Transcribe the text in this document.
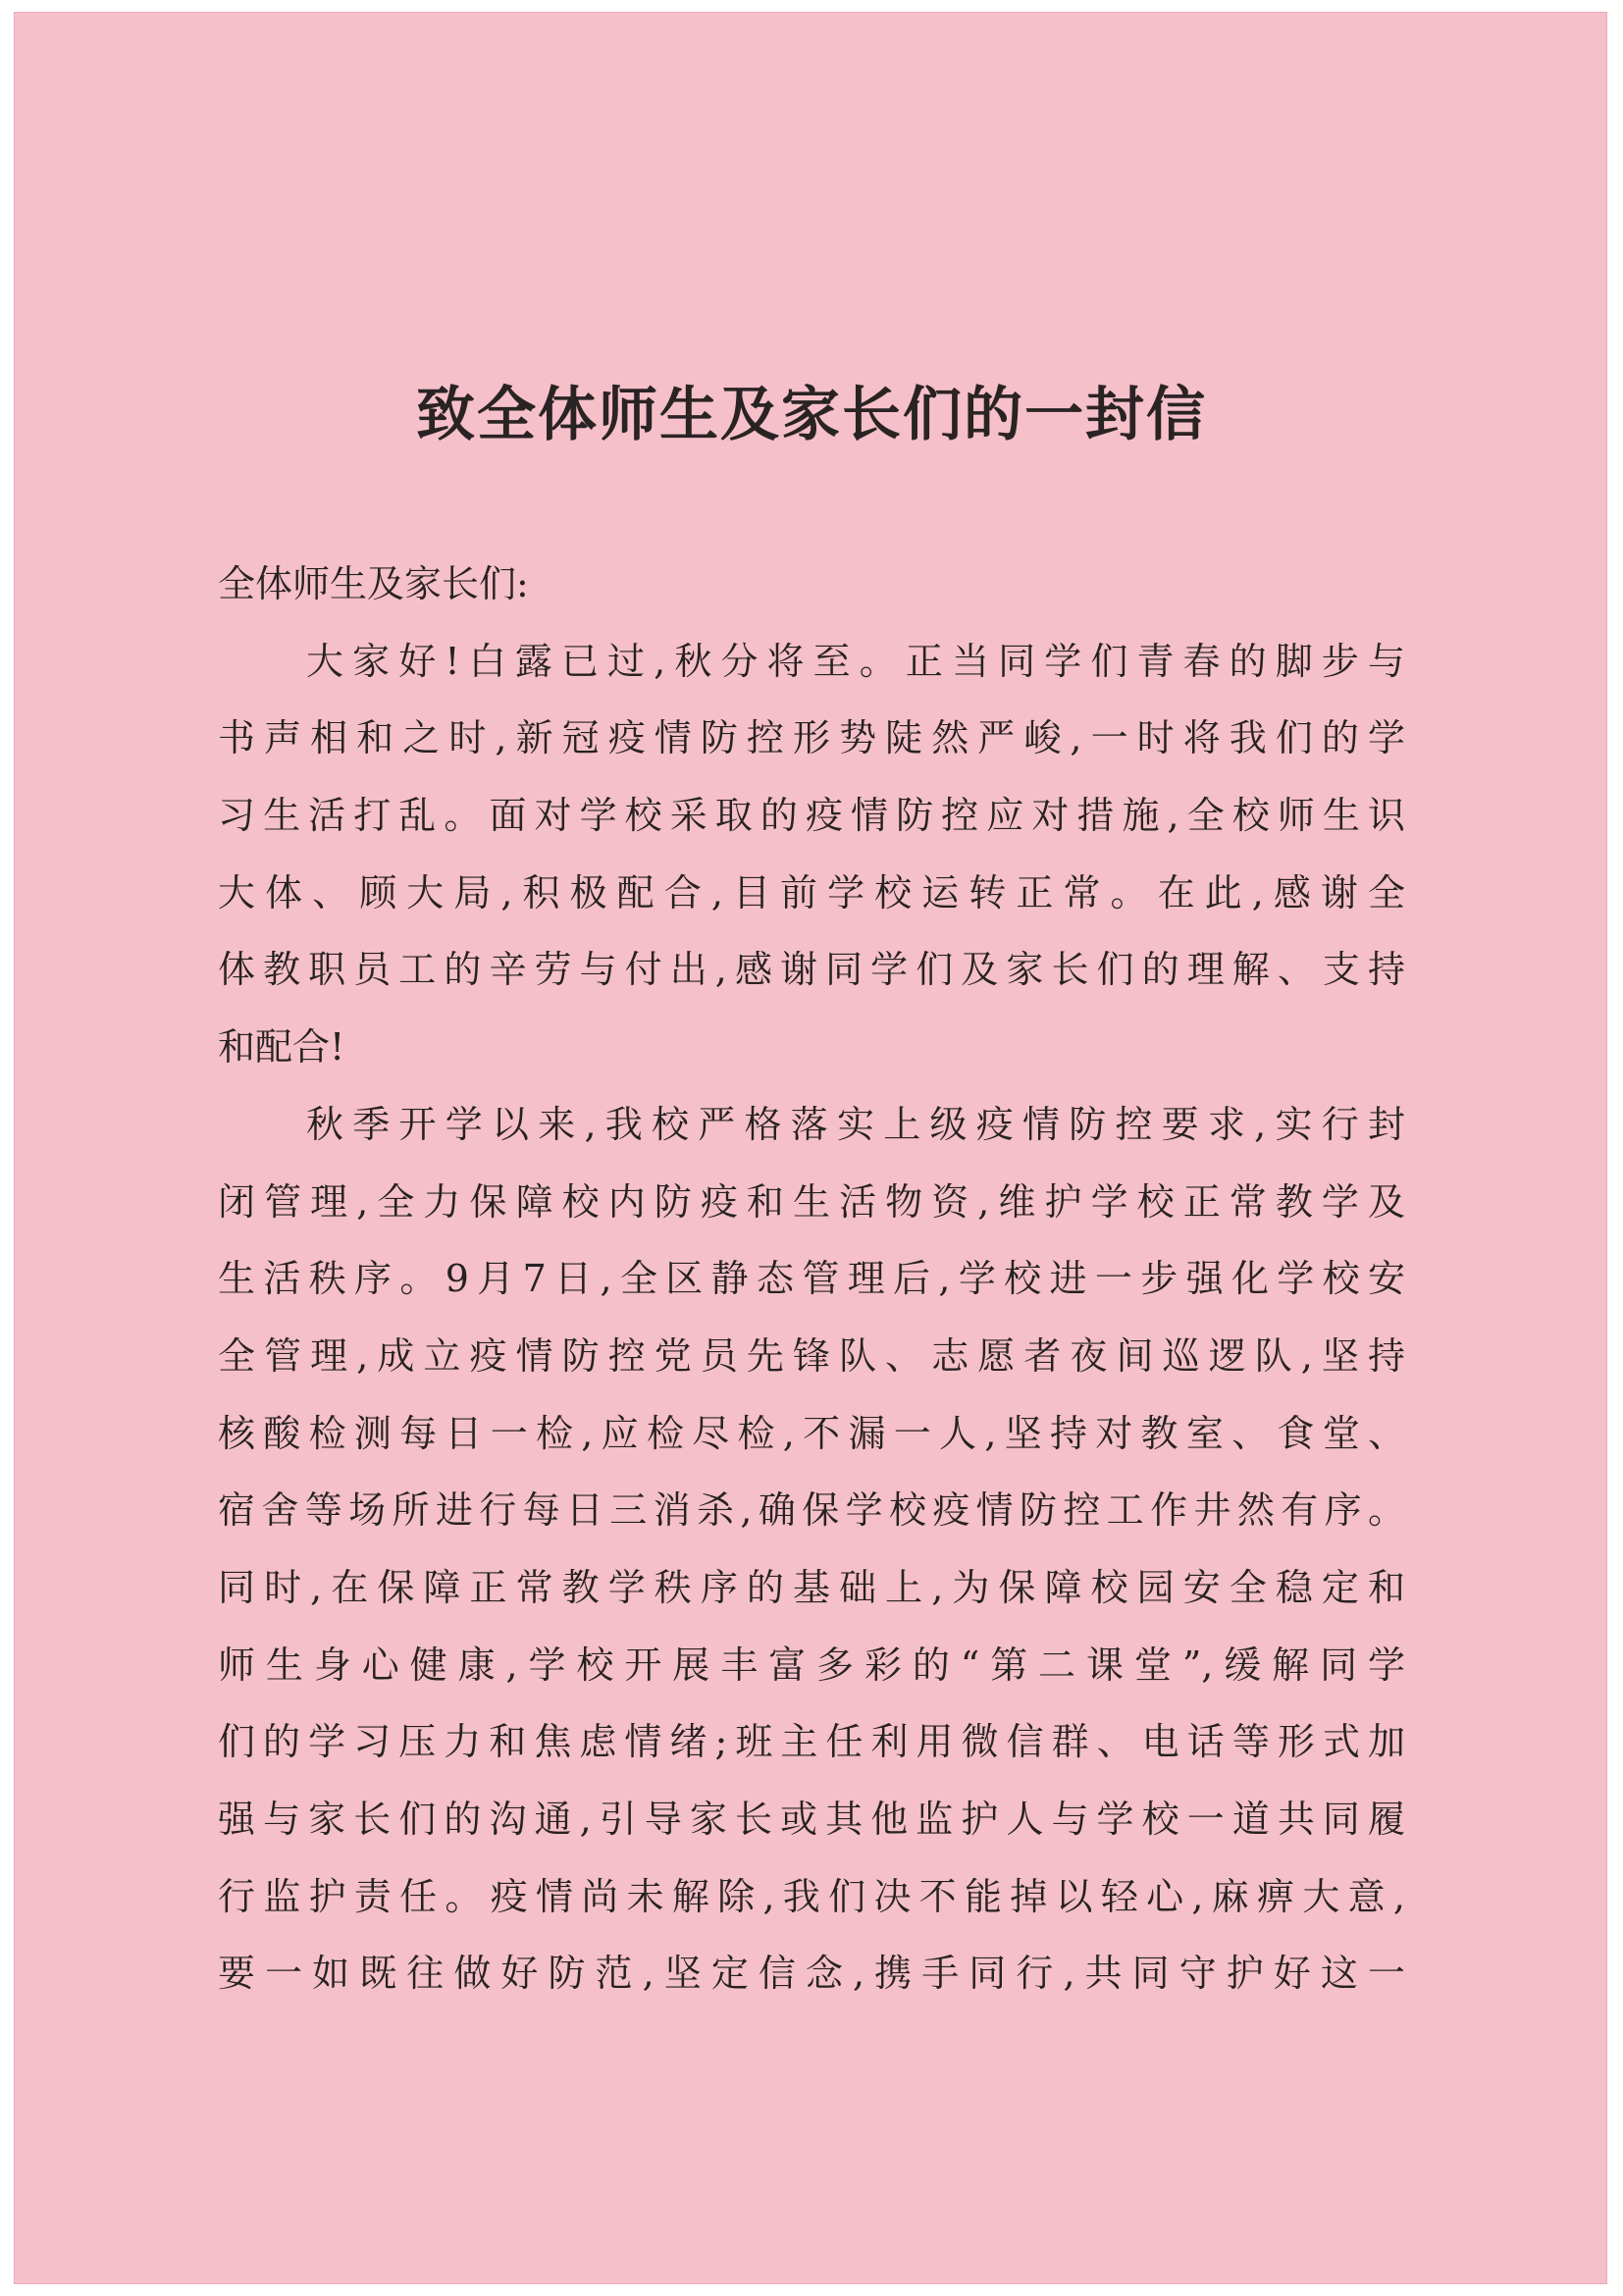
致全体师生及家长们的一封信
全体师生及家长们:
大家好!白露已过,秋分将至。正当同学们青春的脚步与
书声相和之时,新冠疫情防控形势陡然严峻,一时将我们的学
习生活打乱。面对学校采取的疫情防控应对措施,全校师生识
大体、顾大局,积极配合,目前学校运转正常。在此,感谢全
体教职员工的辛劳与付出,感谢同学们及家长们的理解、支持
和配合!
秋季开学以来,我校严格落实上级疫情防控要求,实行封
闭管理,全力保障校内防疫和生活物资,维护学校正常教学及
生活秩序。9月7日,全区静态管理后,学校进一步强化学校安
全管理,成立疫情防控党员先锋队、志愿者夜间巡逻队,坚持
核酸检测每日一检,应检尽检,不漏一人,坚持对教室、食堂、
宿舍等场所进行每日三消杀,确保学校疫情防控工作井然有序。
同时,在保障正常教学秩序的基础上,为保障校园安全稳定和
师生身心健康,学校开展丰富多彩的“第二课堂”,缓解同学
们的学习压力和焦虑情绪;班主任利用微信群、电话等形式加
强与家长们的沟通,引导家长或其他监护人与学校一道共同履
行监护责任。疫情尚未解除,我们决不能掉以轻心,麻痹大意,
要一如既往做好防范,坚定信念,携手同行,共同守护好这一
